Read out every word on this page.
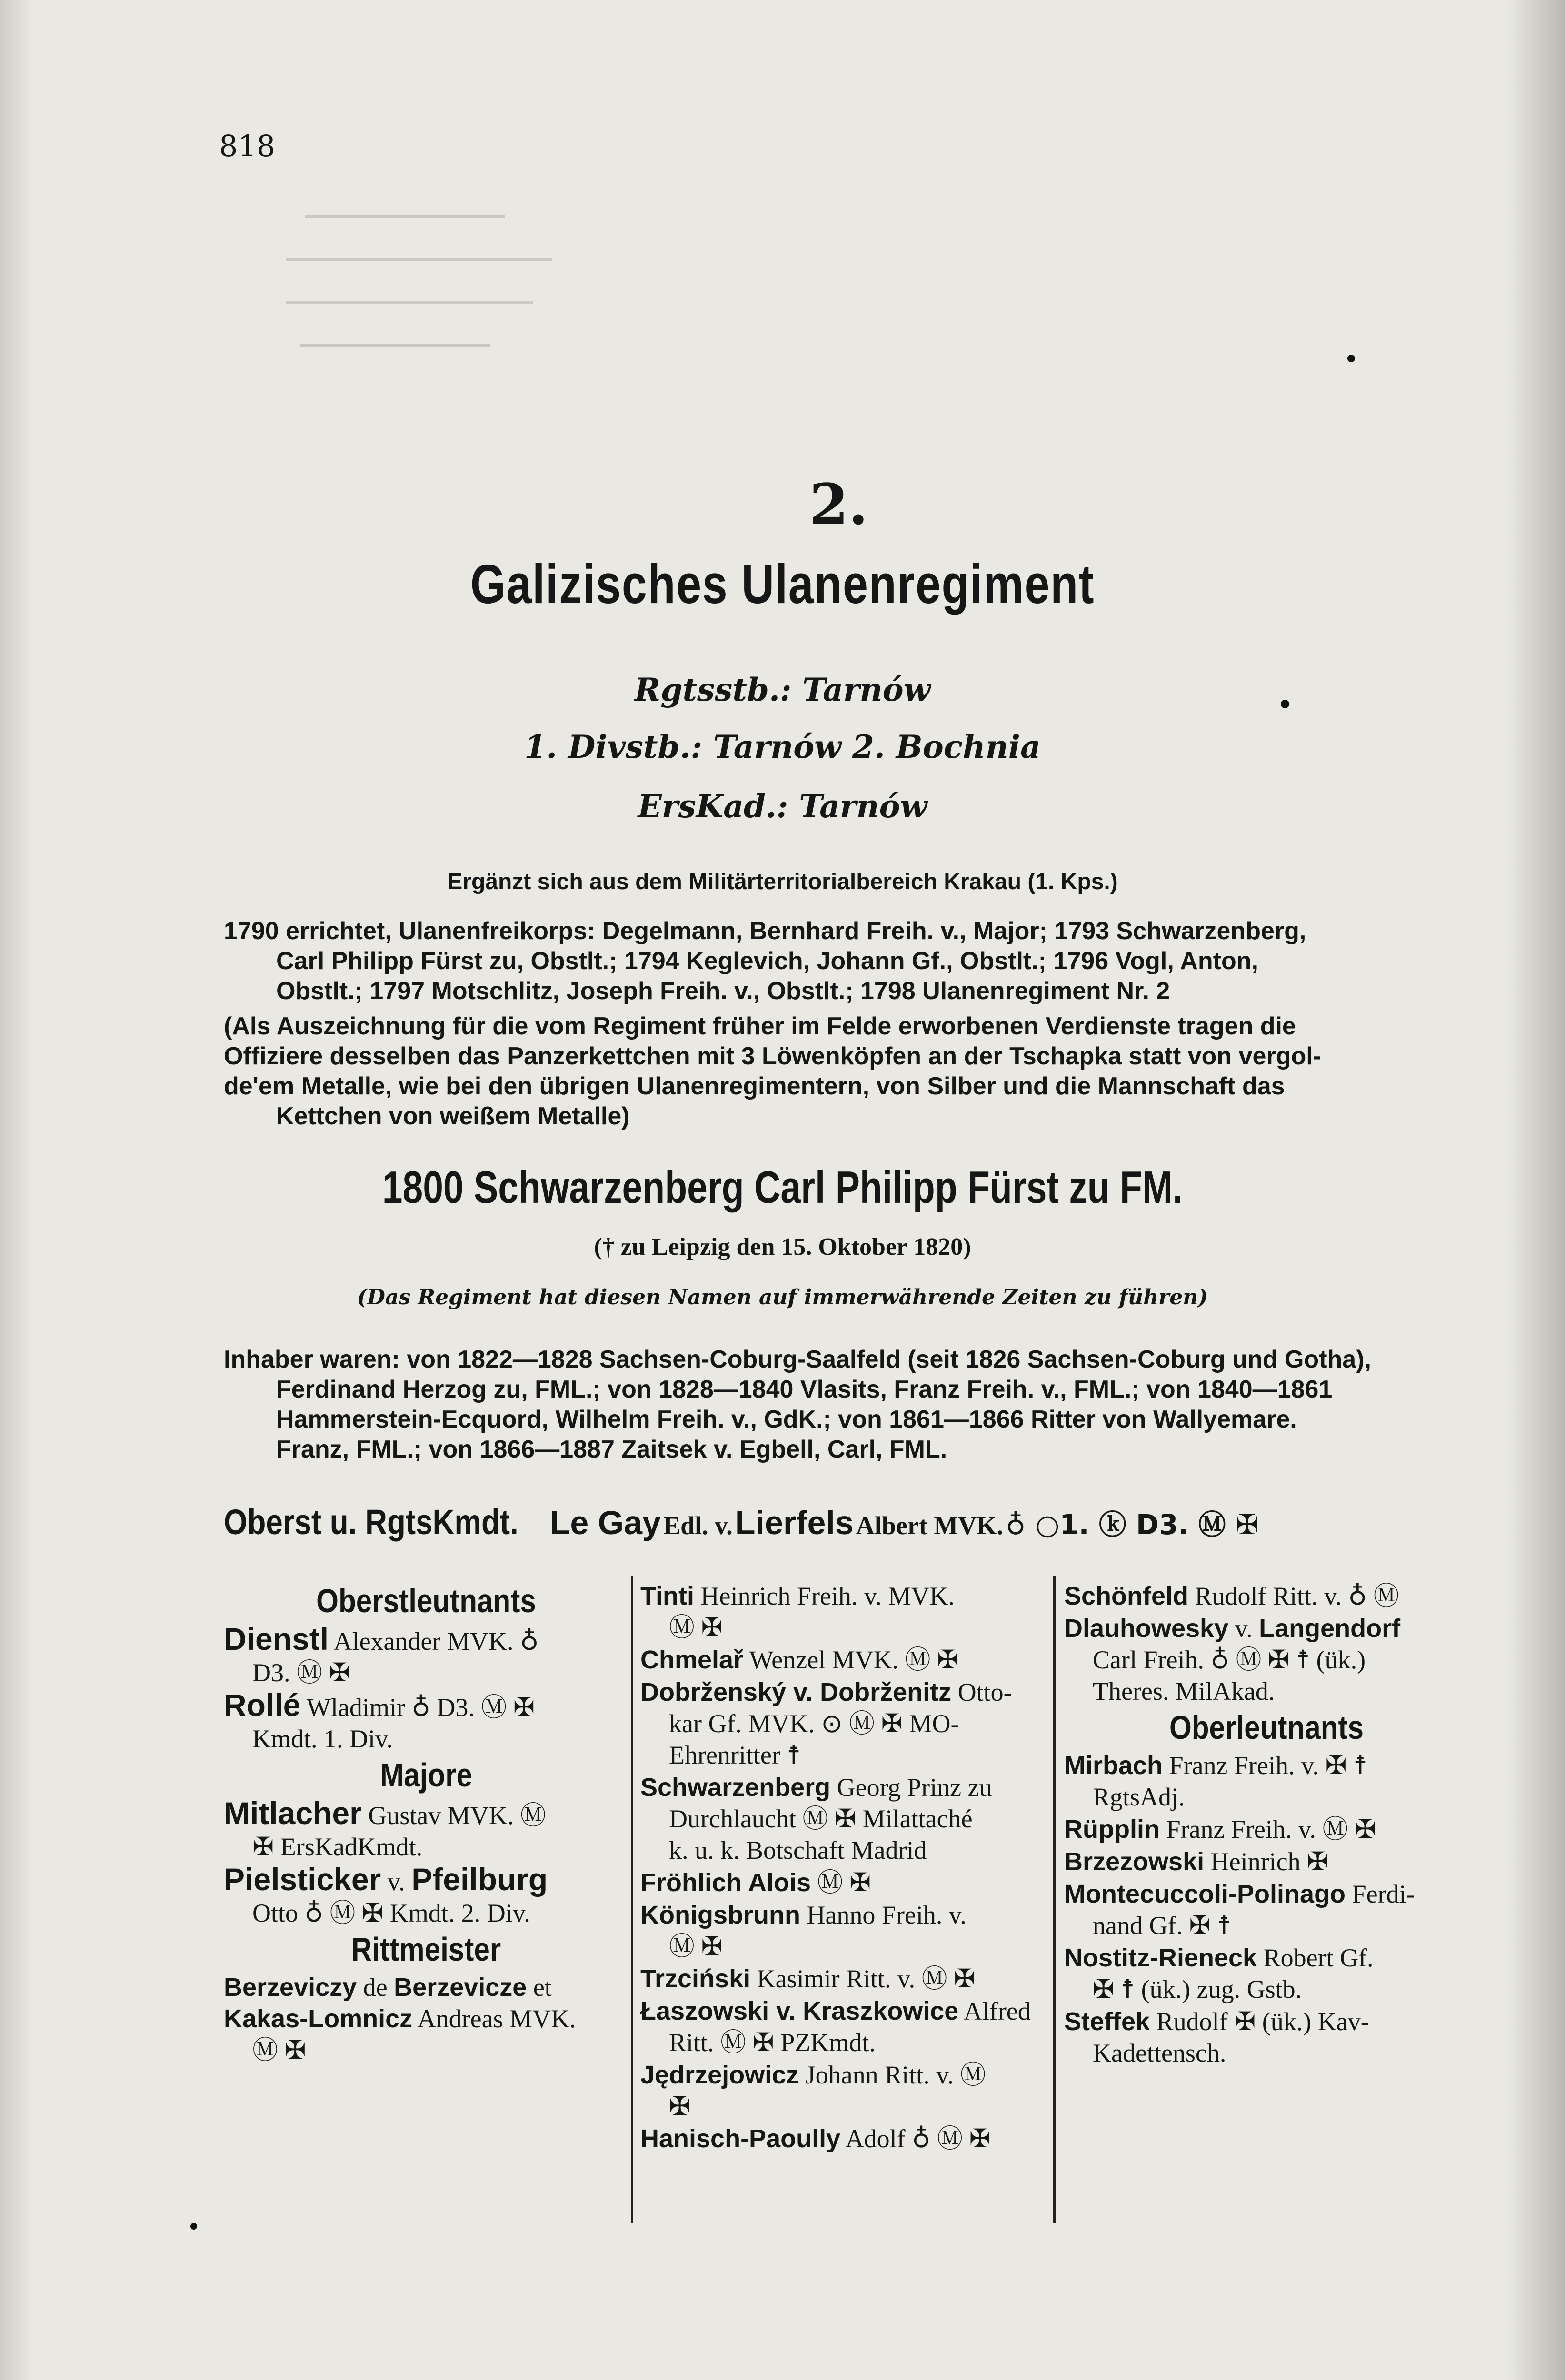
818
2.
Galizisches Ulanenregiment
Rgtsstb.: Tarnów
1. Divstb.: Tarnów 2. Bochnia
ErsKad.: Tarnów
Ergänzt sich aus dem Militärterritorialbereich Krakau (1. Kps.)
1790 errichtet, Ulanenfreikorps: Degelmann, Bernhard Freih. v., Major; 1793 Schwarzenberg,
Carl Philipp Fürst zu, Obstlt.; 1794 Keglevich, Johann Gf., Obstlt.; 1796 Vogl, Anton,
Obstlt.; 1797 Motschlitz, Joseph Freih. v., Obstlt.; 1798 Ulanenregiment Nr. 2
(Als Auszeichnung für die vom Regiment früher im Felde erworbenen Verdienste tragen die
Offiziere desselben das Panzerkettchen mit 3 Löwenköpfen an der Tschapka statt von vergol-
de'em Metalle, wie bei den übrigen Ulanenregimentern, von Silber und die Mannschaft das
Kettchen von weißem Metalle)
1800 Schwarzenberg Carl Philipp Fürst zu FM.
(† zu Leipzig den 15. Oktober 1820)
(Das Regiment hat diesen Namen auf immerwährende Zeiten zu führen)
Inhaber waren: von 1822—1828 Sachsen-Coburg-Saalfeld (seit 1826 Sachsen-Coburg und Gotha),
Ferdinand Herzog zu, FML.; von 1828—1840 Vlasits, Franz Freih. v., FML.; von 1840—1861
Hammerstein-Ecquord, Wilhelm Freih. v., GdK.; von 1861—1866 Ritter von Wallyemare.
Franz, FML.; von 1866—1887 Zaitsek v. Egbell, Carl, FML.
Oberst u. RgtsKmdt. Le Gay Edl. v. Lierfels Albert MVK. ♁ ○1. ⓚ D3. Ⓜ ✠
Oberstleutnants
Dienstl Alexander MVK. ♁
D3. Ⓜ ✠
Rollé Wladimir ♁ D3. Ⓜ ✠
Kmdt. 1. Div.
Majore
Mitlacher Gustav MVK. Ⓜ
✠ ErsKadKmdt.
Pielsticker v. Pfeilburg
Otto ♁ Ⓜ ✠ Kmdt. 2. Div.
Rittmeister
Berzeviczy de Berzevicze et
Kakas-Lomnicz Andreas MVK.
Ⓜ ✠
Tinti Heinrich Freih. v. MVK.
Ⓜ ✠
Chmelař Wenzel MVK. Ⓜ ✠
Dobrženský v. Dobrženitz Otto-
kar Gf. MVK. ⊙ Ⓜ ✠ MO-
Ehrenritter ☨
Schwarzenberg Georg Prinz zu
Durchlaucht Ⓜ ✠ Milattaché
k. u. k. Botschaft Madrid
Fröhlich Alois Ⓜ ✠
Königsbrunn Hanno Freih. v.
Ⓜ ✠
Trzciński Kasimir Ritt. v. Ⓜ ✠
Łaszowski v. Kraszkowice Alfred
Ritt. Ⓜ ✠ PZKmdt.
Jędrzejowicz Johann Ritt. v. Ⓜ
✠
Hanisch-Paoully Adolf ♁ Ⓜ ✠
Schönfeld Rudolf Ritt. v. ♁ Ⓜ
Dlauhowesky v. Langendorf
Carl Freih. ♁ Ⓜ ✠ ☨ (ük.)
Theres. MilAkad.
Oberleutnants
Mirbach Franz Freih. v. ✠ ☨
RgtsAdj.
Rüpplin Franz Freih. v. Ⓜ ✠
Brzezowski Heinrich ✠
Montecuccoli-Polinago Ferdi-
nand Gf. ✠ ☨
Nostitz-Rieneck Robert Gf.
✠ ☨ (ük.) zug. Gstb.
Steffek Rudolf ✠ (ük.) Kav-
Kadettensch.
